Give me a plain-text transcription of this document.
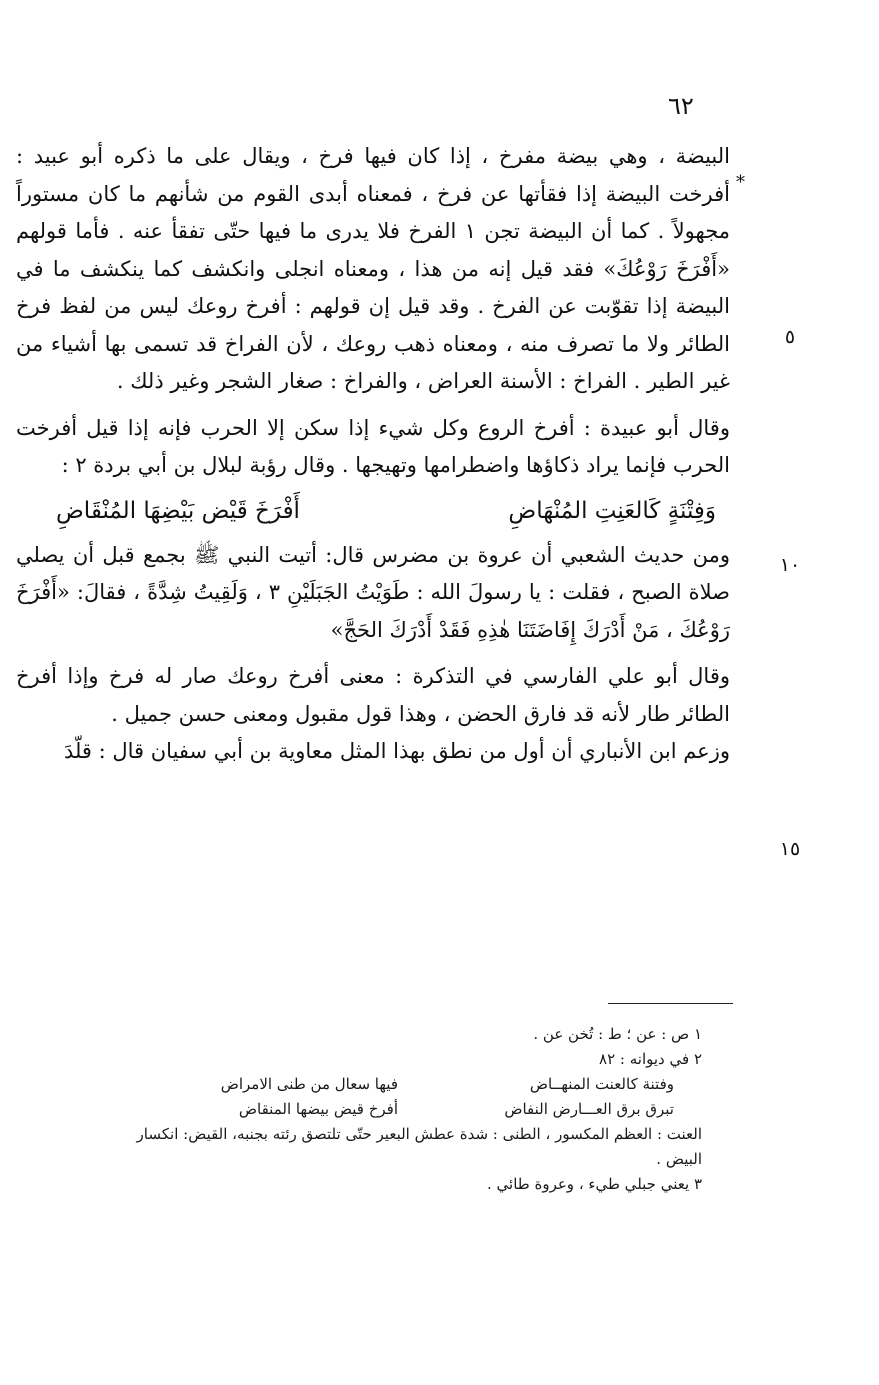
٦٢
*
٥
١٠
١٥

البيضة ، وهي بيضة مفرخ ، إذا كان فيها فرخ ، ويقال على ما ذكره أبو عبيد : أفرخت البيضة إذا فقأتها عن فرخ ، فمعناه أبدى القوم من شأنهم ما كان مستوراً مجهولاً . كما أن البيضة تجن ١ الفرخ فلا يدرى ما فيها حتّى تفقأ عنه . فأما قولهم «أَفْرَخَ رَوْعُكَ» فقد قيل إنه من هذا ، ومعناه انجلى وانكشف كما ينكشف ما في البيضة إذا تقوّبت عن الفرخ . وقد قيل إن قولهم : أفرخ روعك ليس من لفظ فرخ الطائر ولا ما تصرف منه ، ومعناه ذهب روعك ، لأن الفراخ قد تسمى بها أشياء من غير الطير . الفراخ : الأسنة العراض ، والفراخ : صغار الشجر وغير ذلك .

وقال أبو عبيدة : أفرخ الروع وكل شيء إذا سكن إلا الحرب فإنه إذا قيل أفرخت الحرب فإنما يراد ذكاؤها واضطرامها وتهيجها . وقال رؤبة لبلال بن أبي بردة ٢ :

وَفِتْنَةٍ كَالعَنِتِ المُنْهَاضِ
أَفْرَخَ قَيْض بَيْضِهَا المُنْقَاضِ

ومن حديث الشعبي أن عروة بن مضرس قال: أتيت النبي ﷺ بجمع قبل أن يصلي صلاة الصبح ، فقلت : يا رسولَ الله : طَوَيْتُ الجَبَلَيْنِ ٣ ، وَلَقِيتُ شِدَّةً ، فقالَ: «أَفْرَخَ رَوْعُكَ ، مَنْ أَدْرَكَ إِفَاضَتَنَا هٰذِهِ فَقَدْ أَدْرَكَ الحَجَّ»

وقال أبو علي الفارسي في التذكرة : معنى أفرخ روعك صار له فرخ وإذا أفرخ الطائر طار لأنه قد فارق الحضن ، وهذا قول مقبول ومعنى حسن جميل .

وزعم ابن الأنباري أن أول من نطق بهذا المثل معاوية بن أبي سفيان قال : قلّدَ

١ ص : عن ؛ ط : تُخن عن .

٢ في ديوانه : ٨٢

وفتنة كالعنت المنهــاض
فيها سعال من طنى الامراض
تبرق برق العـــارض النفاض
أفرخ قيض بيضها المنقاض

العنت : العظم المكسور ، الطنى : شدة عطش البعير حتّى تلتصق رئته بجنبه، القيض: انكسار

البيض .

٣ يعني جبلي طيء ، وعروة طائي .
